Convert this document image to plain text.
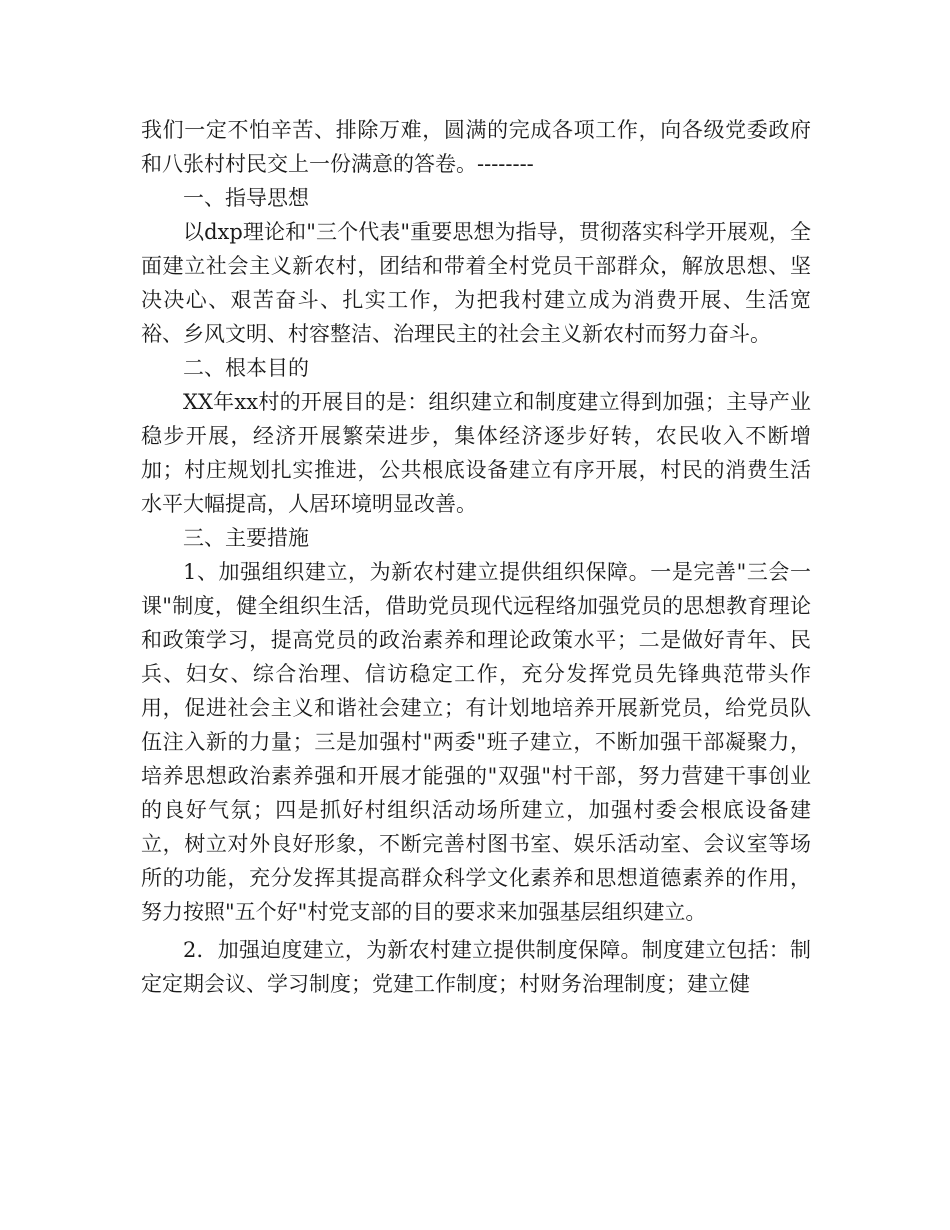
我们一定不怕辛苦、排除万难，圆满的完成各项工作，向各级党委政府和八张村村民交上一份满意的答卷。--------

一、指导思想

以dxp理论和"三个代表"重要思想为指导，贯彻落实科学开展观，全面建立社会主义新农村，团结和带着全村党员干部群众，解放思想、坚决决心、艰苦奋斗、扎实工作，为把我村建立成为消费开展、生活宽裕、乡风文明、村容整洁、治理民主的社会主义新农村而努力奋斗。

二、根本目的

XX年xx村的开展目的是：组织建立和制度建立得到加强；主导产业稳步开展，经济开展繁荣进步，集体经济逐步好转，农民收入不断增加；村庄规划扎实推进，公共根底设备建立有序开展，村民的消费生活水平大幅提高，人居环境明显改善。

三、主要措施

1、加强组织建立，为新农村建立提供组织保障。一是完善"三会一课"制度，健全组织生活，借助党员现代远程络加强党员的思想教育理论和政策学习，提高党员的政治素养和理论政策水平；二是做好青年、民兵、妇女、综合治理、信访稳定工作，充分发挥党员先锋典范带头作用，促进社会主义和谐社会建立；有计划地培养开展新党员，给党员队伍注入新的力量；三是加强村"两委"班子建立，不断加强干部凝聚力，培养思想政治素养强和开展才能强的"双强"村干部，努力营建干事创业的良好气氛；四是抓好村组织活动场所建立，加强村委会根底设备建立，树立对外良好形象，不断完善村图书室、娱乐活动室、会议室等场所的功能，充分发挥其提高群众科学文化素养和思想道德素养的作用，努力按照"五个好"村党支部的目的要求来加强基层组织建立。

2．加强迫度建立，为新农村建立提供制度保障。制度建立包括：制定定期会议、学习制度；党建工作制度；村财务治理制度；建立健
